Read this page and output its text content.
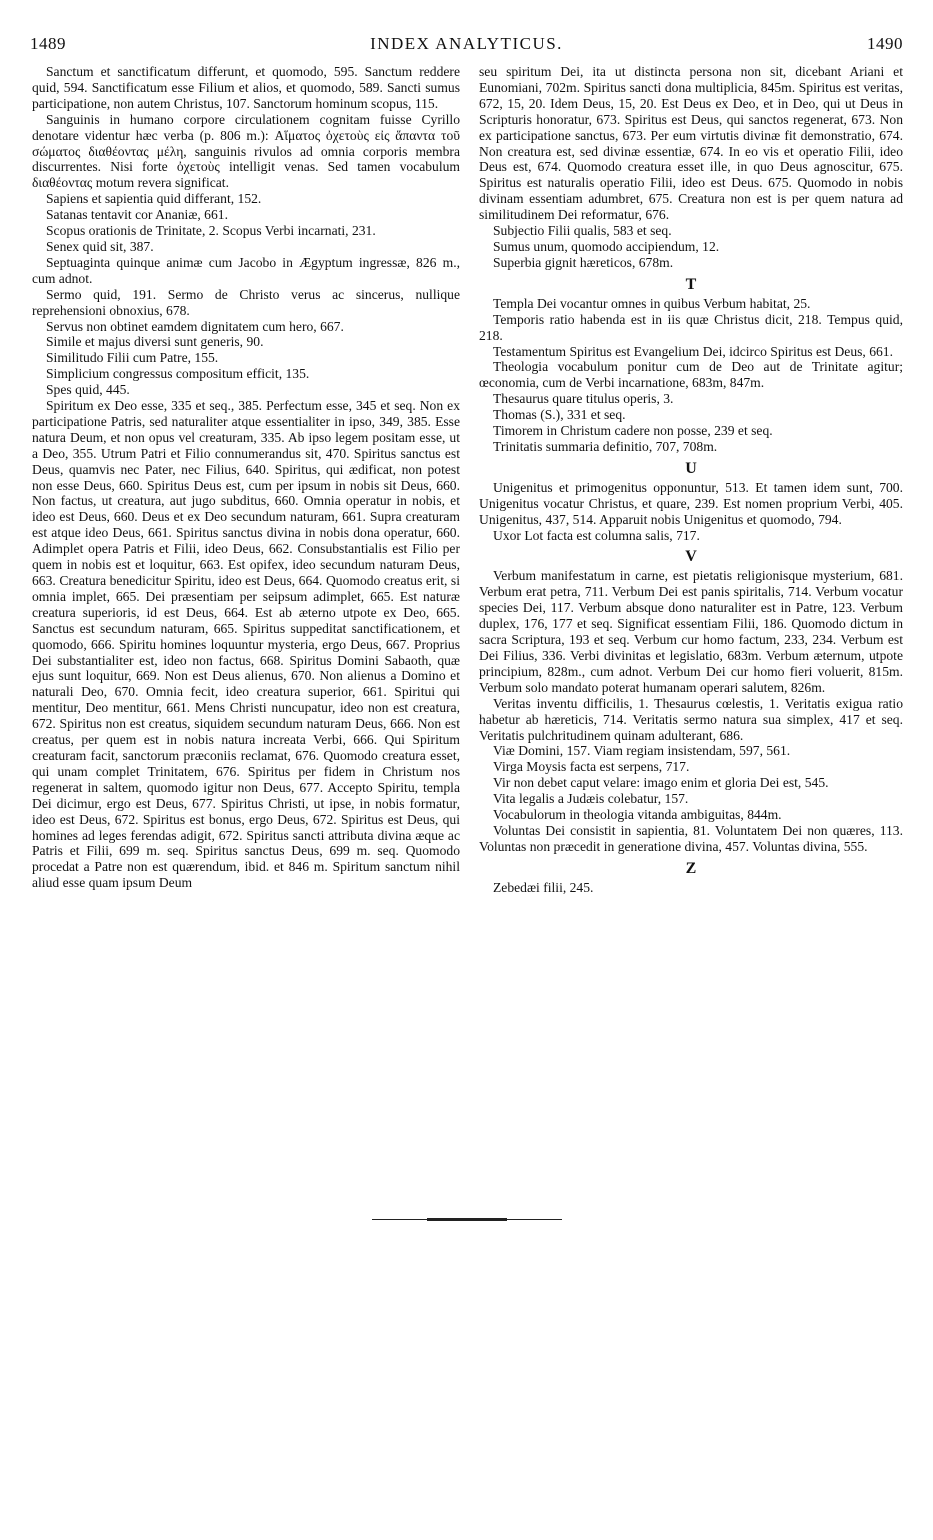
1489	INDEX ANALYTICUS.	1490

Sanctum et sanctificatum differunt, et quomodo, 595. Sanctum reddere quid, 594. Sanctificatum esse Filium et alios, et quomodo, 589. Sancti sumus participatione, non autem Christus, 107. Sanctorum hominum scopus, 115.

Sanguinis in humano corpore circulationem cognitam fuisse Cyrillo denotare videntur hæc verba (p. 806 m.): Αἵματος ὀχετοὺς εἰς ἅπαντα τοῦ σώματος διαθέοντας μέλη, sanguinis rivulos ad omnia corporis membra discurrentes. Nisi forte ὀχετοὺς intelligit venas. Sed tamen vocabulum διαθέοντας motum revera significat.

Sapiens et sapientia quid differant, 152.

Satanas tentavit cor Ananiæ, 661.

Scopus orationis de Trinitate, 2. Scopus Verbi incarnati, 231.

Senex quid sit, 387.

Septuaginta quinque animæ cum Jacobo in Ægyptum ingressæ, 826 m., cum adnot.

Sermo quid, 191. Sermo de Christo verus ac sincerus, nullique reprehensioni obnoxius, 678.

Servus non obtinet eamdem dignitatem cum hero, 667.

Simile et majus diversi sunt generis, 90.

Similitudo Filii cum Patre, 155.

Simplicium congressus compositum efficit, 135.

Spes quid, 445.

Spiritum ex Deo esse, 335 et seq., 385. Perfectum esse, 345 et seq. Non ex participatione Patris, sed naturaliter atque essentialiter in ipso, 349, 385. Esse natura Deum, et non opus vel creaturam, 335. Ab ipso legem positam esse, ut a Deo, 355. Utrum Patri et Filio connumerandus sit, 470. Spiritus sanctus est Deus, quamvis nec Pater, nec Filius, 640. Spiritus, qui ædificat, non potest non esse Deus, 660. Spiritus Deus est, cum per ipsum in nobis sit Deus, 660. Non factus, ut creatura, aut jugo subditus, 660. Omnia operatur in nobis, et ideo est Deus, 660. Deus et ex Deo secundum naturam, 661. Supra creaturam est atque ideo Deus, 661. Spiritus sanctus divina in nobis dona operatur, 660. Adimplet opera Patris et Filii, ideo Deus, 662. Consubstantialis est Filio per quem in nobis est et loquitur, 663. Est opifex, ideo secundum naturam Deus, 663. Creatura benedicitur Spiritu, ideo est Deus, 664. Quomodo creatus erit, si omnia implet, 665. Dei præsentiam per seipsum adimplet, 665. Est naturæ creatura superioris, id est Deus, 664. Est ab æterno utpote ex Deo, 665. Sanctus est secundum naturam, 665. Spiritus suppeditat sanctificationem, et quomodo, 666. Spiritu homines loquuntur mysteria, ergo Deus, 667. Proprius Dei substantialiter est, ideo non factus, 668. Spiritus Domini Sabaoth, quæ ejus sunt loquitur, 669. Non est Deus alienus, 670. Non alienus a Domino et naturali Deo, 670. Omnia fecit, ideo creatura superior, 661. Spiritui qui mentitur, Deo mentitur, 661. Mens Christi nuncupatur, ideo non est creatura, 672. Spiritus non est creatus, siquidem secundum naturam Deus, 666. Non est creatus, per quem est in nobis natura increata Verbi, 666. Qui Spiritum creaturam facit, sanctorum præconiis reclamat, 676. Quomodo creatura esset, qui unam complet Trinitatem, 676. Spiritus per fidem in Christum nos regenerat in saltem, quomodo igitur non Deus, 677. Accepto Spiritu, templa Dei dicimur, ergo est Deus, 677. Spiritus Christi, ut ipse, in nobis formatur, ideo est Deus, 672. Spiritus est bonus, ergo Deus, 672. Spiritus est Deus, qui homines ad leges ferendas adigit, 672. Spiritus sancti attributa divina æque ac Patris et Filii, 699 m. seq. Spiritus sanctus Deus, 699 m. seq. Quomodo procedat a Patre non est quærendum, ibid. et 846 m. Spiritum sanctum nihil aliud esse quam ipsum Deum

seu spiritum Dei, ita ut distincta persona non sit, dicebant Ariani et Eunomiani, 702m. Spiritus sancti dona multiplicia, 845m. Spiritus est veritas, 672, 15, 20. Idem Deus, 15, 20. Est Deus ex Deo, et in Deo, qui ut Deus in Scripturis honoratur, 673. Spiritus est Deus, qui sanctos regenerat, 673. Non ex participatione sanctus, 673. Per eum virtutis divinæ fit demonstratio, 674. Non creatura est, sed divinæ essentiæ, 674. In eo vis et operatio Filii, ideo Deus est, 674. Quomodo creatura esset ille, in quo Deus agnoscitur, 675. Spiritus est naturalis operatio Filii, ideo est Deus. 675. Quomodo in nobis divinam essentiam adumbret, 675. Creatura non est is per quem natura ad similitudinem Dei reformatur, 676.

Subjectio Filii qualis, 583 et seq.

Sumus unum, quomodo accipiendum, 12.

Superbia gignit hæreticos, 678m.

T

Templa Dei vocantur omnes in quibus Verbum habitat, 25.

Temporis ratio habenda est in iis quæ Christus dicit, 218. Tempus quid, 218.

Testamentum Spiritus est Evangelium Dei, idcirco Spiritus est Deus, 661.

Theologia vocabulum ponitur cum de Deo aut de Trinitate agitur; œconomia, cum de Verbi incarnatione, 683m, 847m.

Thesaurus quare titulus operis, 3.

Thomas (S.), 331 et seq.

Timorem in Christum cadere non posse, 239 et seq.

Trinitatis summaria definitio, 707, 708m.

U

Unigenitus et primogenitus opponuntur, 513. Et tamen idem sunt, 700. Unigenitus vocatur Christus, et quare, 239. Est nomen proprium Verbi, 405. Unigenitus, 437, 514. Apparuit nobis Unigenitus et quomodo, 794.

Uxor Lot facta est columna salis, 717.

V

Verbum manifestatum in carne, est pietatis religionisque mysterium, 681. Verbum erat petra, 711. Verbum Dei est panis spiritalis, 714. Verbum vocatur species Dei, 117. Verbum absque dono naturaliter est in Patre, 123. Verbum duplex, 176, 177 et seq. Significat essentiam Filii, 186. Quomodo dictum in sacra Scriptura, 193 et seq. Verbum cur homo factum, 233, 234. Verbum est Dei Filius, 336. Verbi divinitas et legislatio, 683m. Verbum æternum, utpote principium, 828m., cum adnot. Verbum Dei cur homo fieri voluerit, 815m. Verbum solo mandato poterat humanam operari salutem, 826m.

Veritas inventu difficilis, 1. Thesaurus cœlestis, 1. Veritatis exigua ratio habetur ab hæreticis, 714. Veritatis sermo natura sua simplex, 417 et seq. Veritatis pulchritudinem quinam adulterant, 686.

Viæ Domini, 157. Viam regiam insistendam, 597, 561.

Virga Moysis facta est serpens, 717.

Vir non debet caput velare: imago enim et gloria Dei est, 545.

Vita legalis a Judæis colebatur, 157.

Vocabulorum in theologia vitanda ambiguitas, 844m.

Voluntas Dei consistit in sapientia, 81. Voluntatem Dei non quæres, 113. Voluntas non præcedit in generatione divina, 457. Voluntas divina, 555.

Z

Zebedæi filii, 245.
